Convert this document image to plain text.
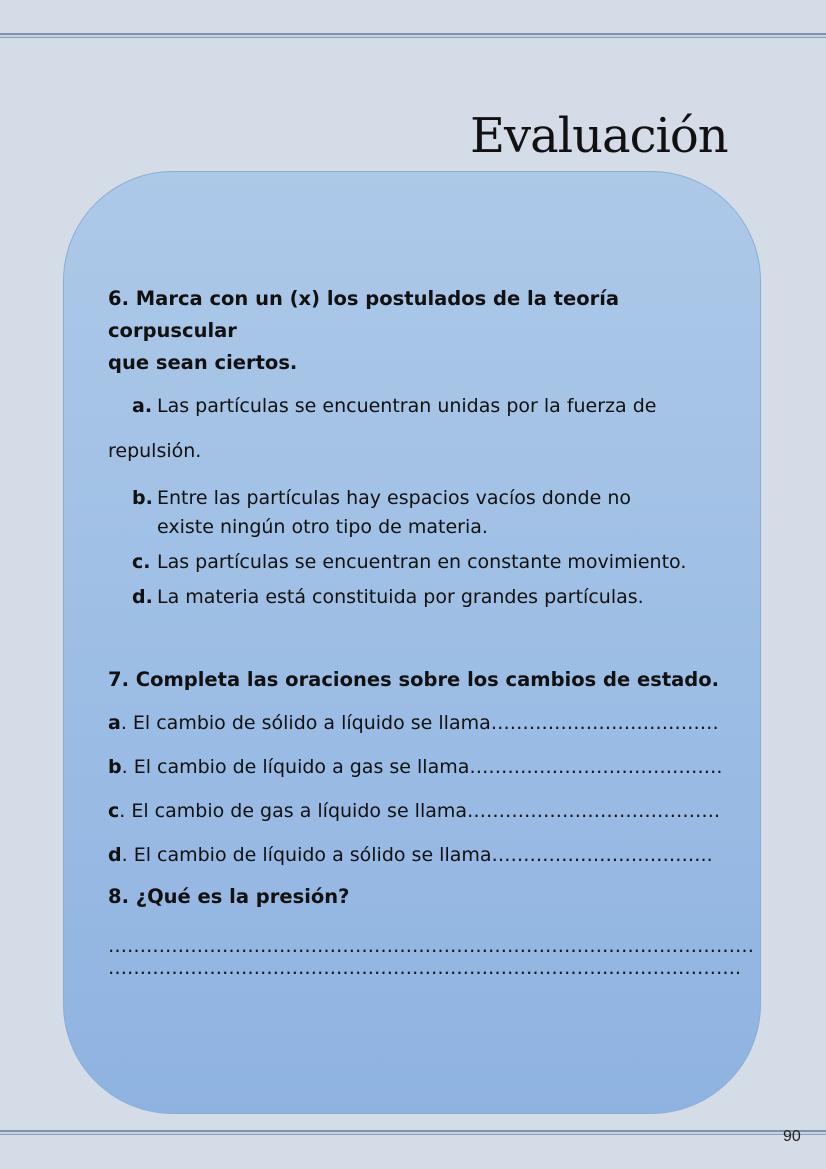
Evaluación
6. Marca con un (x) los postulados de la teoría corpuscular
que sean ciertos.
a. Las partículas se encuentran unidas por la fuerza de
repulsión.
b. Entre las partículas hay espacios vacíos donde no
existe ningún otro tipo de materia.
c. Las partículas se encuentran en constante movimiento.
d. La materia está constituida por grandes partículas.
7. Completa las oraciones sobre los cambios de estado.
a. El cambio de sólido a líquido se llama………………………………
b. El cambio de líquido a gas se llama………………………………….
c. El cambio de gas a líquido se llama………………………………….
d. El cambio de líquido a sólido se llama……………………………..
8. ¿Qué es la presión?
…………………………………………………………………………………………
……………………………………………………………………………………….
90
